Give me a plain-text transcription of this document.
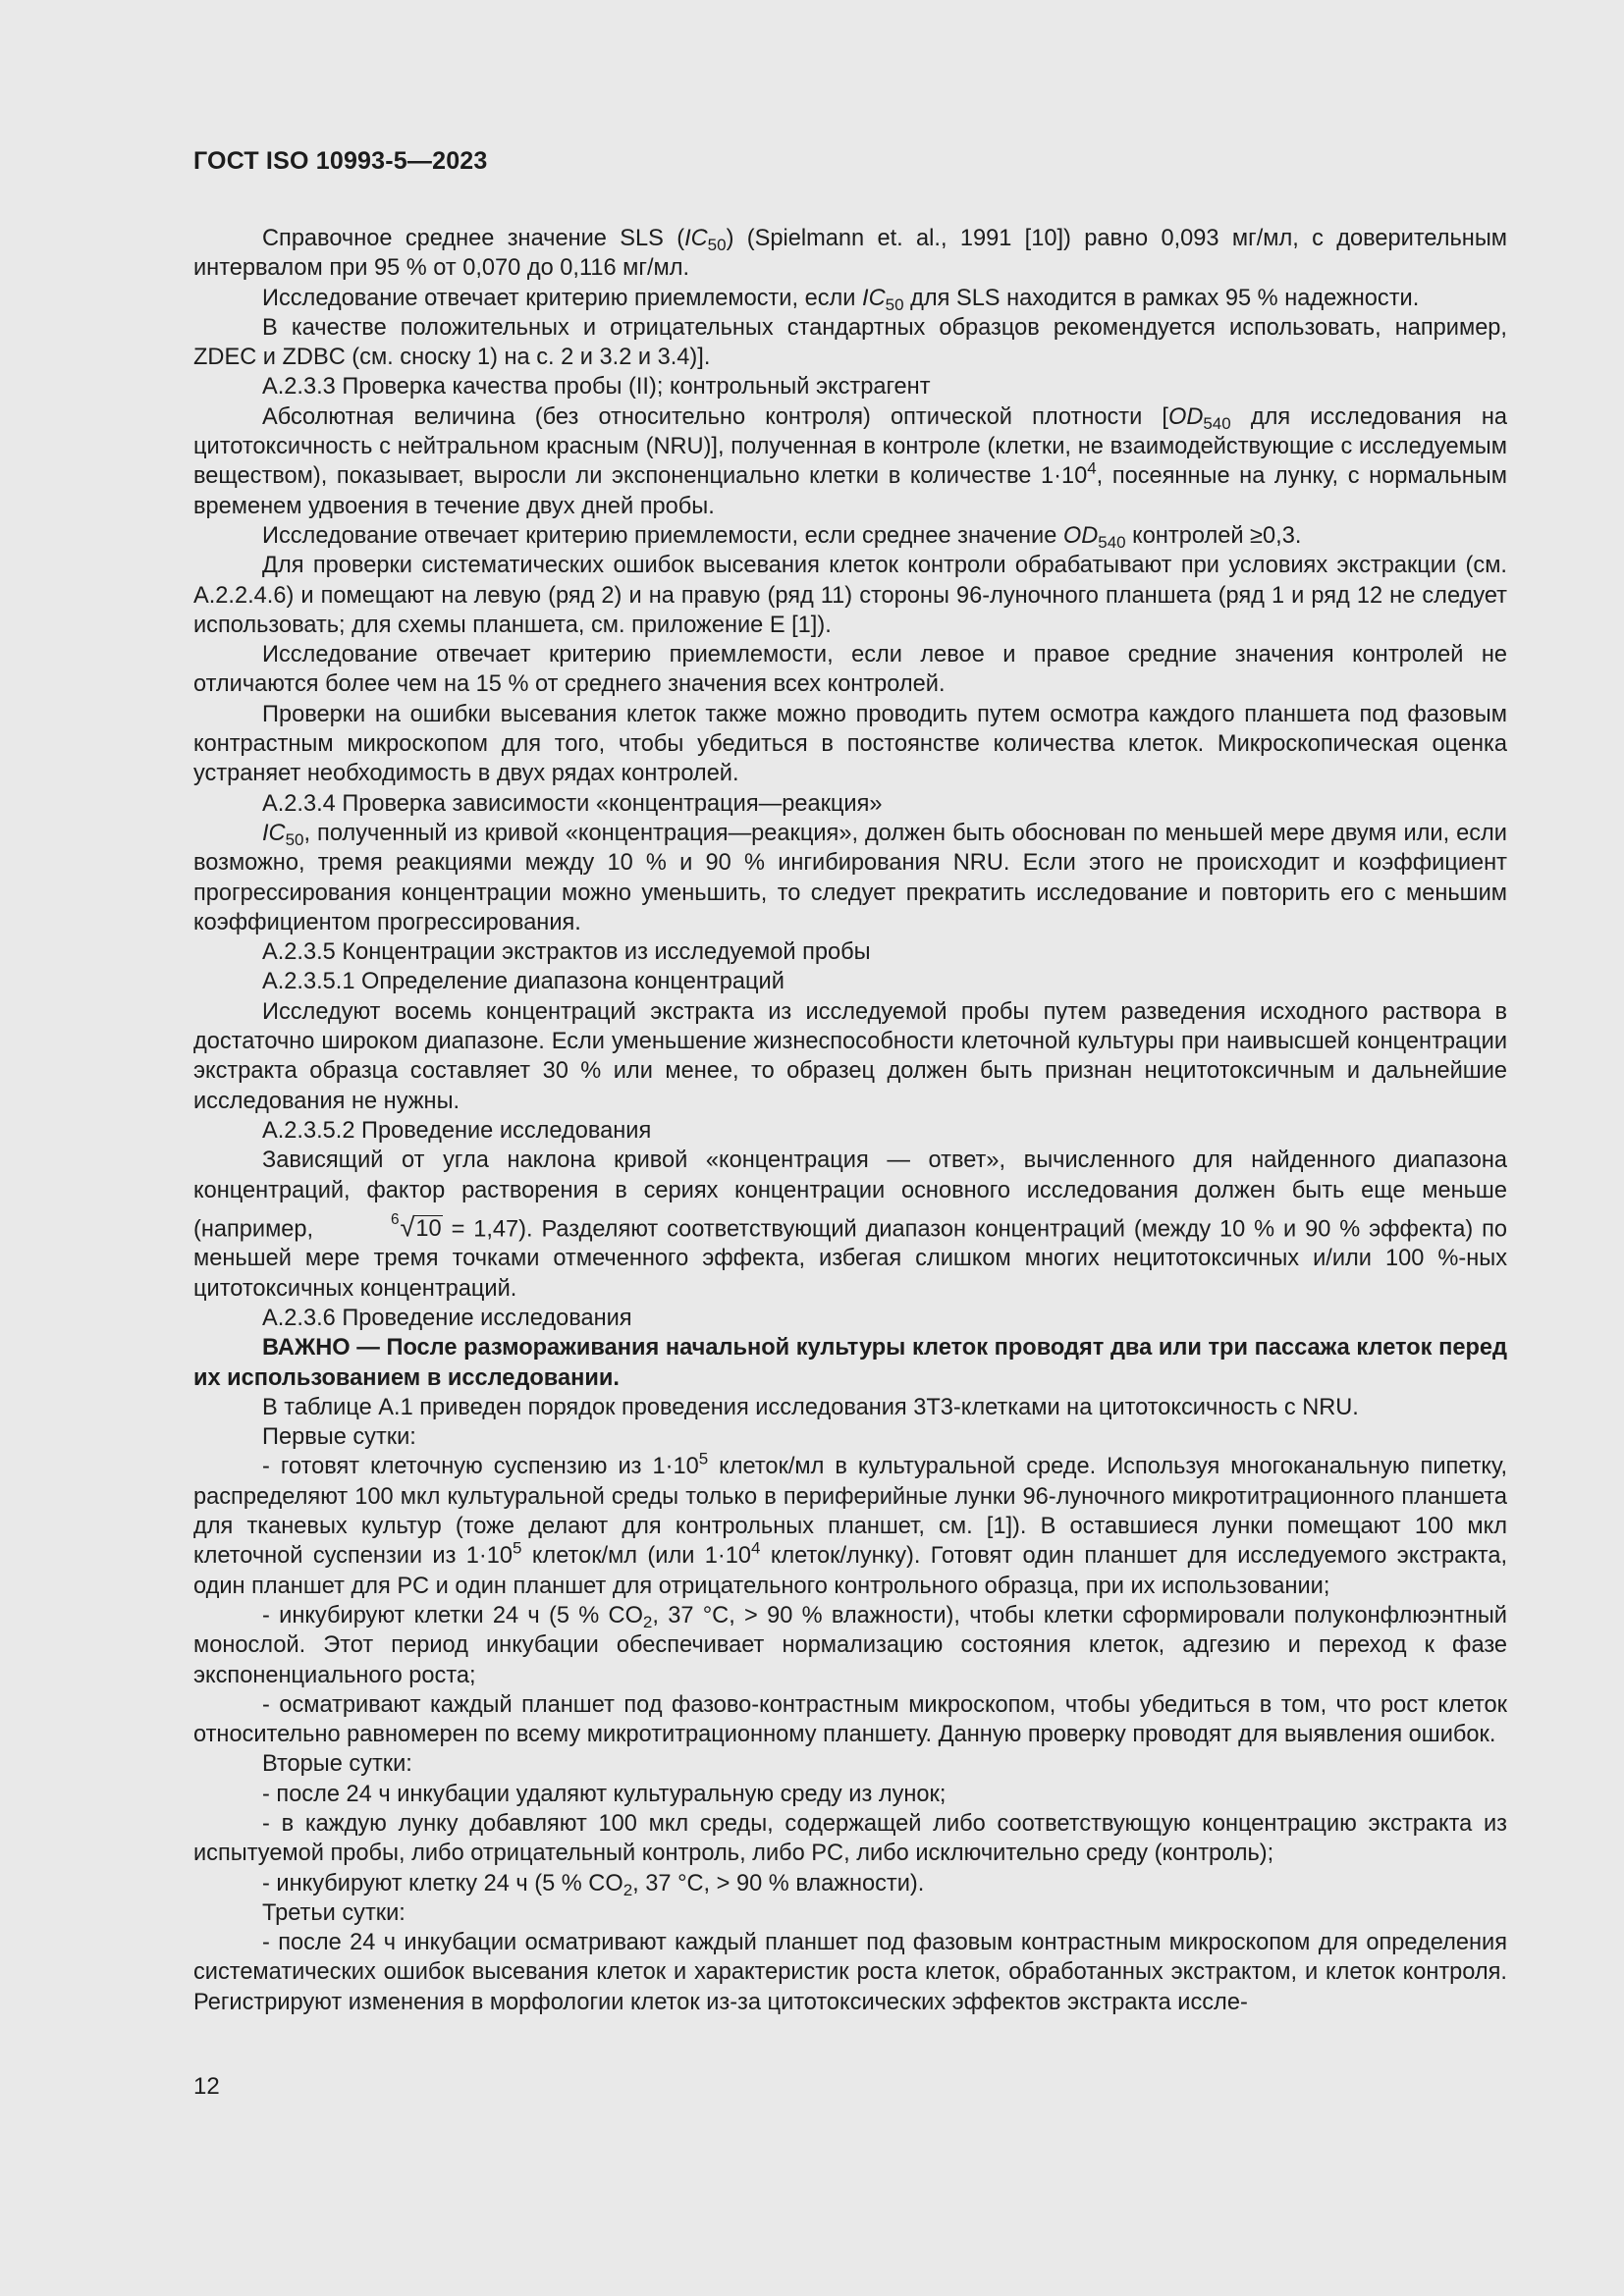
ГОСТ ISO 10993-5—2023

Справочное среднее значение SLS $(IC_{50})$ (Spielmann et. al., 1991 [10]) равно 0,093 мг/мл, с доверительным интервалом при 95 % от 0,070 до 0,116 мг/мл.

Исследование отвечает критерию приемлемости, если $IC_{50}$ для SLS находится в рамках 95 % надежности.

В качестве положительных и отрицательных стандартных образцов рекомендуется использовать, например, ZDEC и ZDBC (см. сноску 1) на с. 2 и 3.2 и 3.4)].

А.2.3.3 Проверка качества пробы (II); контрольный экстрагент

Абсолютная величина (без относительно контроля) оптической плотности [$OD_{540}$ для исследования на цитотоксичность с нейтральном красным (NRU)], полученная в контроле (клетки, не взаимодействующие с исследуемым веществом), показывает, выросли ли экспоненциально клетки в количестве $1\cdot 10^4$, посеянные на лунку, с нормальным временем удвоения в течение двух дней пробы.

Исследование отвечает критерию приемлемости, если среднее значение $OD_{540}$ контролей ≥0,3.

Для проверки систематических ошибок высевания клеток контроли обрабатывают при условиях экстракции (см. А.2.2.4.6) и помещают на левую (ряд 2) и на правую (ряд 11) стороны 96-луночного планшета (ряд 1 и ряд 12 не следует использовать; для схемы планшета, см. приложение Е [1]).

Исследование отвечает критерию приемлемости, если левое и правое средние значения контролей не отличаются более чем на 15 % от среднего значения всех контролей.

Проверки на ошибки высевания клеток также можно проводить путем осмотра каждого планшета под фазовым контрастным микроскопом для того, чтобы убедиться в постоянстве количества клеток. Микроскопическая оценка устраняет необходимость в двух рядах контролей.

А.2.3.4 Проверка зависимости «концентрация—реакция»

$IC_{50}$, полученный из кривой «концентрация—реакция», должен быть обоснован по меньшей мере двумя или, если возможно, тремя реакциями между 10 % и 90 % ингибирования NRU. Если этого не происходит и коэффициент прогрессирования концентрации можно уменьшить, то следует прекратить исследование и повторить его с меньшим коэффициентом прогрессирования.

А.2.3.5 Концентрации экстрактов из исследуемой пробы

А.2.3.5.1 Определение диапазона концентраций

Исследуют восемь концентраций экстракта из исследуемой пробы путем разведения исходного раствора в достаточно широком диапазоне. Если уменьшение жизнеспособности клеточной культуры при наивысшей концентрации экстракта образца составляет 30 % или менее, то образец должен быть признан нецитотоксичным и дальнейшие исследования не нужны.

А.2.3.5.2 Проведение исследования

Зависящий от угла наклона кривой «концентрация — ответ», вычисленного для найденного диапазона концентраций, фактор растворения в сериях концентрации основного исследования должен быть еще меньше (например,	$^6$√10 = 1,47). Разделяют соответствующий диапазон концентраций (между 10 % и 90 % эффекта) по меньшей мере тремя точками отмеченного эффекта, избегая слишком многих нецитотоксичных и/или 100 %-ных цитотоксичных концентраций.

А.2.3.6 Проведение исследования

ВАЖНО — После размораживания начальной культуры клеток проводят два или три пассажа клеток перед их использованием в исследовании.

В таблице А.1 приведен порядок проведения исследования 3Т3-клетками на цитотоксичность с NRU.

Первые сутки:

- готовят клеточную суспензию из $1\cdot 10^5$ клеток/мл в культуральной среде. Используя многоканальную пипетку, распределяют 100 мкл культуральной среды только в периферийные лунки 96-луночного микротитрационного планшета для тканевых культур (тоже делают для контрольных планшет, см. [1]). В оставшиеся лунки помещают 100 мкл клеточной суспензии из $1\cdot 10^5$ клеток/мл (или $1\cdot 10^4$ клеток/лунку). Готовят один планшет для исследуемого экстракта, один планшет для PC и один планшет для отрицательного контрольного образца, при их использовании;

- инкубируют клетки 24 ч (5 % $CO_2$, 37 °С, > 90 % влажности), чтобы клетки сформировали полуконфлюэнтный монослой. Этот период инкубации обеспечивает нормализацию состояния клеток, адгезию и переход к фазе экспоненциального роста;

- осматривают каждый планшет под фазово-контрастным микроскопом, чтобы убедиться в том, что рост клеток относительно равномерен по всему микротитрационному планшету. Данную проверку проводят для выявления ошибок.

Вторые сутки:

- после 24 ч инкубации удаляют культуральную среду из лунок;

- в каждую лунку добавляют 100 мкл среды, содержащей либо соответствующую концентрацию экстракта из испытуемой пробы, либо отрицательный контроль, либо PC, либо исключительно среду (контроль);

- инкубируют клетку 24 ч (5 % $CO_2$, 37 °С, > 90 % влажности).

Третьи сутки:

- после 24 ч инкубации осматривают каждый планшет под фазовым контрастным микроскопом для определения систематических ошибок высевания клеток и характеристик роста клеток, обработанных экстрактом, и клеток контроля. Регистрируют изменения в морфологии клеток из-за цитотоксических эффектов экстракта иссле-

12
